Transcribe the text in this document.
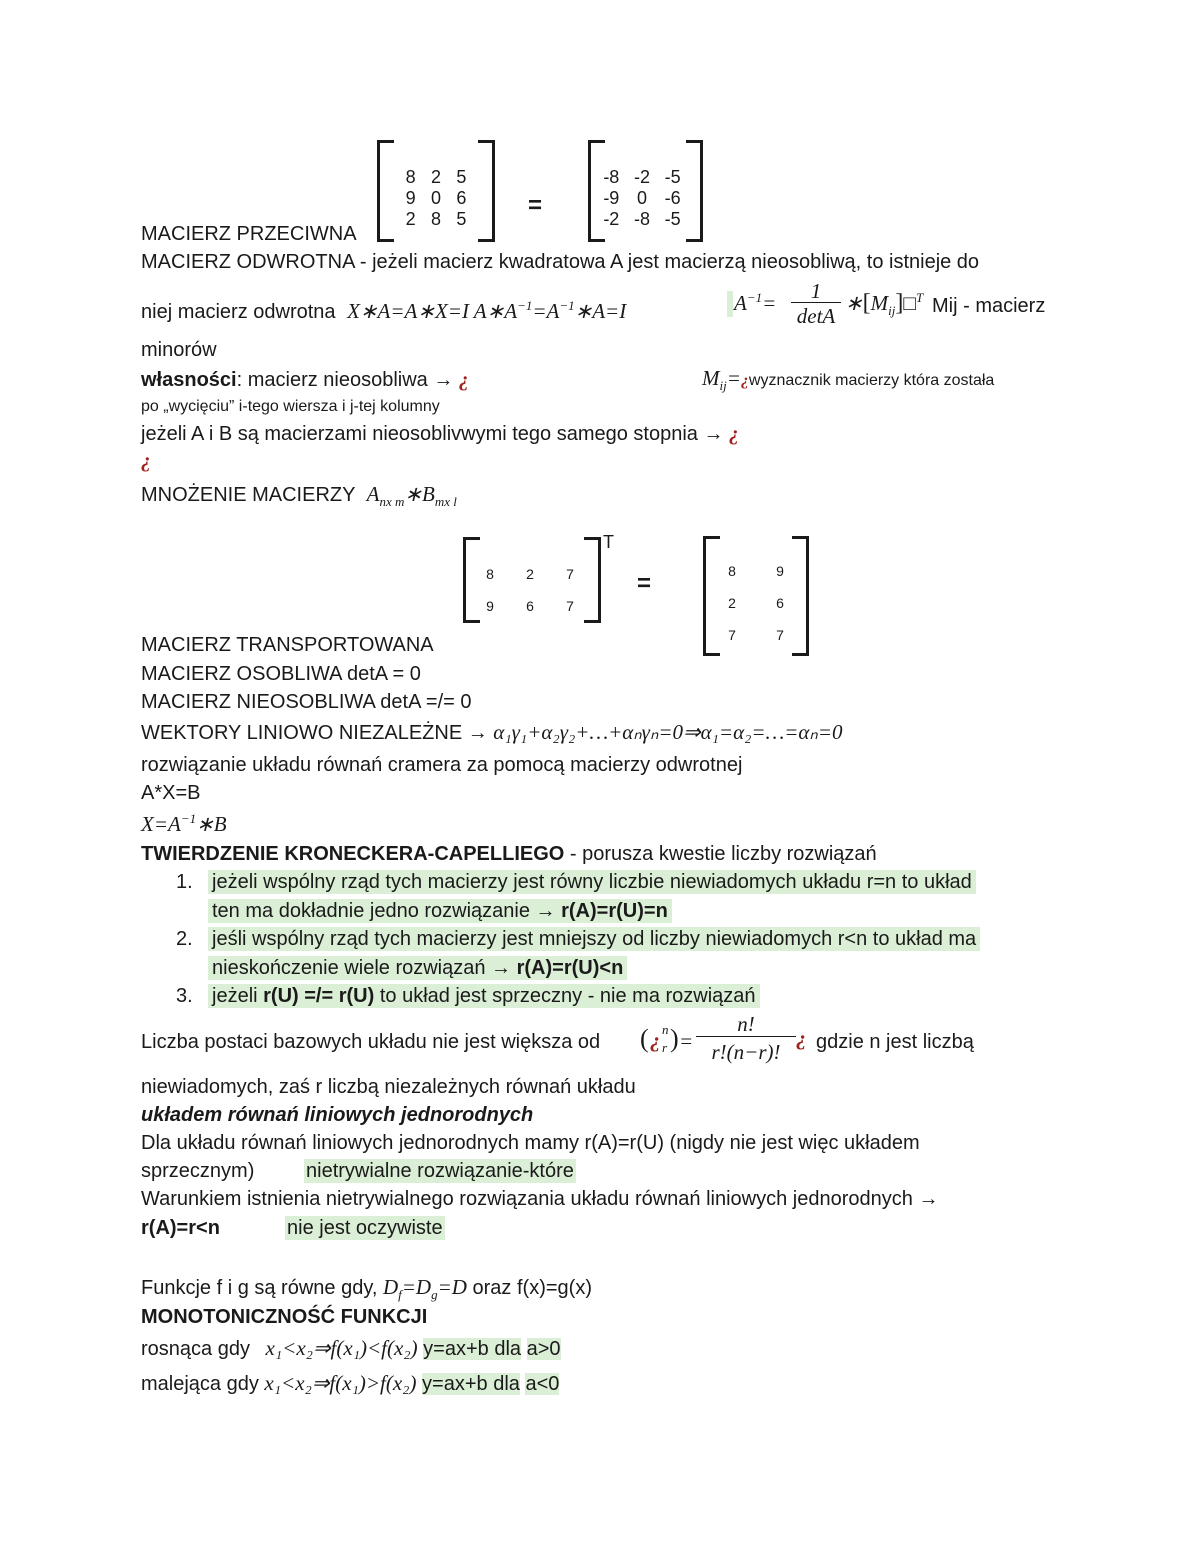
8	2	5
9	0	6
2	8	5	=
-8	-2	-5
-9	0	-6
-2	-8	-5
MACIERZ PRZECIWNA
MACIERZ ODWROTNA - jeżeli macierz kwadratowa A jest macierzą nieosobliwą, to istnieje do
niej macierz odwrotna X∗A=A∗X=I $A∗A^{-1}=A^{-1}∗A=I$	$A^{-1}=$	1
detA
$∗[M_{ij}]□^T$ Mij - macierz
minorów
własności: macierz nieosobliwa → ¿	$M_{ij}=¿wyznacznik$ macierzy która została
po „wycięciu” i-tego wiersza i j-tej kolumny
jeżeli A i B są macierzami nieosoblivwymi tego samego stopnia → ¿
¿
MNOŻENIE MACIERZY $A_{nx m}∗B_{mx l}$
8	2	7
9	6	7
T
=	8	9
2	6
7	7
MACIERZ TRANSPORTOWANA
MACIERZ OSOBLIWA detA = 0
MACIERZ NIEOSOBLIWA detA =/= 0
WEKTORY LINIOWO NIEZALEŻNE → α₁γ₁+α₂γ₂+…+αₙγₙ=0⇒α₁=α₂=…=αₙ=0
rozwiązanie układu równań cramera za pomocą macierzy odwrotnej
A*X=B
$X=A^{-1}∗B$
TWIERDZENIE KRONECKERA-CAPELLIEGO - porusza kwestie liczby rozwiązań
1. jeżeli wspólny rząd tych macierzy jest równy liczbie niewiadomych układu r=n to układ
ten ma dokładnie jedno rozwiązanie → r(A)=r(U)=n
2. jeśli wspólny rząd tych macierzy jest mniejszy od liczby niewiadomych r<n to układ ma
nieskończenie wiele rozwiązań → r(A)=r(U)<n
3. jeżeli r(U) =/= r(U) to układ jest sprzeczny - nie ma rozwiązań
Liczba postaci bazowych układu nie jest większa od ( ¿ n
r ) =
n!
r!(n−r)!
¿ gdzie n jest liczbą
niewiadomych, zaś r liczbą niezależnych równań układu
układem równań liniowych jednorodnych
Dla układu równań liniowych jednorodnych mamy r(A)=r(U) (nigdy nie jest więc układem
sprzecznym)	nietrywialne rozwiązanie-które
Warunkiem istnienia nietrywialnego rozwiązania układu równań liniowych jednorodnych →
r(A)=r<n	nie jest oczywiste
Funkcje f i g są równe gdy, $D_f=D_g=D$ oraz f(x)=g(x)
MONOTONICZNOŚĆ FUNKCJI
rosnąca gdy x₁<x₂⇒f(x₁)<f(x₂) y=ax+b dla a>0
malejąca gdy x₁<x₂⇒f(x₁)>f(x₂) y=ax+b dla a<0
